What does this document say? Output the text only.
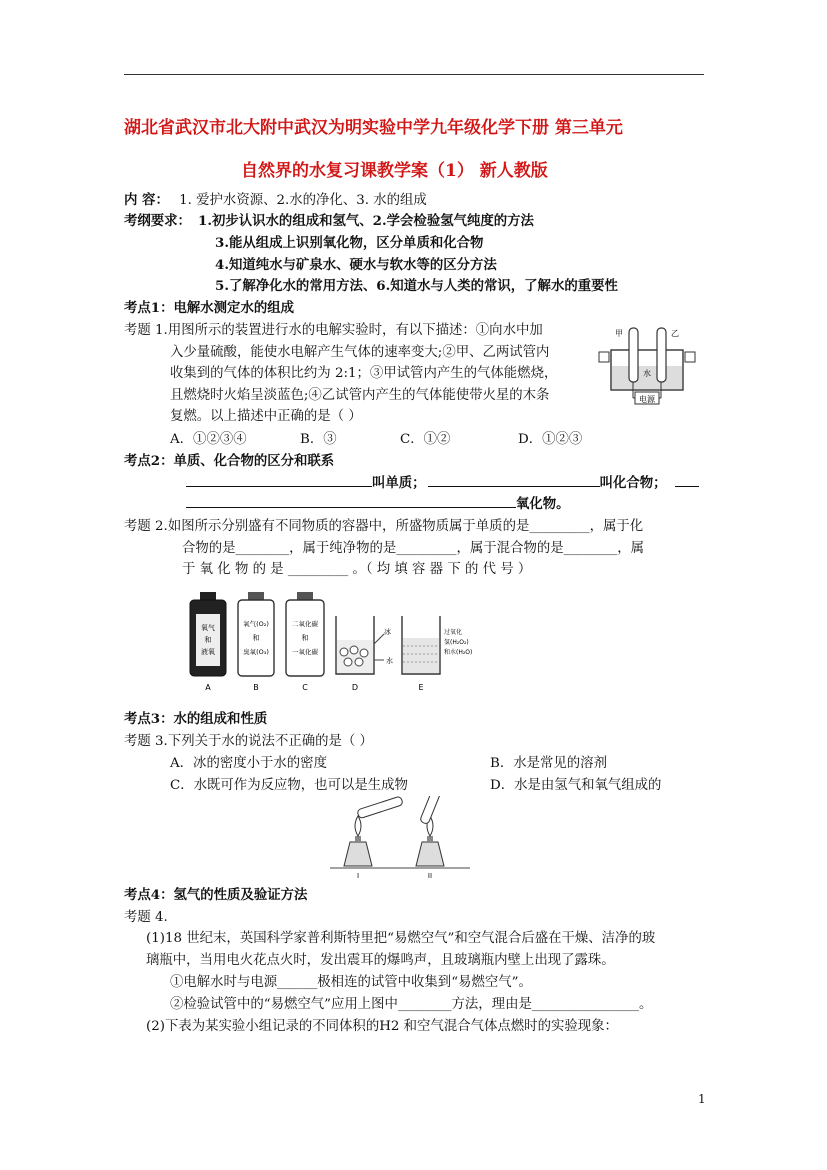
湖北省武汉市北大附中武汉为明实验中学九年级化学下册 第三单元
自然界的水复习课教学案（1） 新人教版
内 容： 1. 爱护水资源、2.水的净化、3. 水的组成
考纲要求： 1.初步认识水的组成和氢气、2.学会检验氢气纯度的方法
3.能从组成上识别氧化物，区分单质和化合物
4.知道纯水与矿泉水、硬水与软水等的区分方法
5.了解净化水的常用方法、6.知道水与人类的常识，了解水的重要性
考点1：电解水测定水的组成
考题 1.用图所示的装置进行水的电解实验时，有以下描述：①向水中加
入少量硫酸，能使水电解产生气体的速率变大;②甲、乙两试管内
收集到的气体的体积比约为 2:1；③甲试管内产生的气体能燃烧，
且燃烧时火焰呈淡蓝色;④乙试管内产生的气体能使带火星的木条
复燃。以上描述中正确的是（ ）
A．①②③④	B．③	C．①②	D．①②③
电源
甲	乙
水
考点2：单质、化合物的区分和联系
叫单质；	叫化合物；
氧化物。
考题 2.如图所示分别盛有不同物质的容器中，所盛物质属于单质的是_________，属于化
合物的是________，属于纯净物的是_________，属于混合物的是________，属
于 氧 化 物 的 是 _________ 。（ 均 填 容 器 下 的 代 号 ）
氧气
和
液氧
A
氧气(O₂)
和
臭氧(O₃)
B
二氧化碳
和
一氧化碳
C
冰
水
D
过氧化
氢(H₂O₂)
和水(H₂O)
E
考点3：水的组成和性质
考题 3.下列关于水的说法不正确的是（ ）
A．冰的密度小于水的密度	B．水是常见的溶剂
C．水既可作为反应物，也可以是生成物	D．水是由氢气和氧气组成的
I	II
考点4：氢气的性质及验证方法
考题 4.
(1)18 世纪末，英国科学家普利斯特里把“易燃空气”和空气混合后盛在干燥、洁净的玻
璃瓶中，当用电火花点火时，发出震耳的爆鸣声，且玻璃瓶内壁上出现了露珠。
①电解水时与电源______极相连的试管中收集到“易燃空气”。
②检验试管中的“易燃空气”应用上图中________方法，理由是________________。
(2)下表为某实验小组记录的不同体积的H2 和空气混合气体点燃时的实验现象：
1
